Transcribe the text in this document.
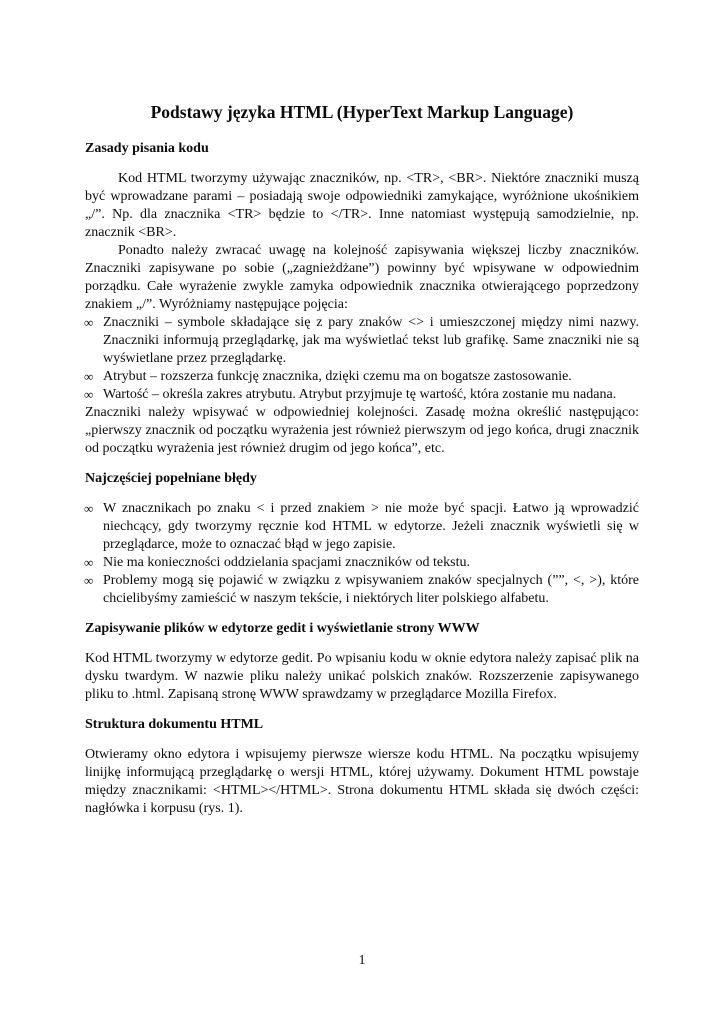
Podstawy języka HTML (HyperText Markup Language)
Zasady pisania kodu

Kod HTML tworzymy używając znaczników, np. <TR>, <BR>. Niektóre znaczniki muszą być wprowadzane parami – posiadają swoje odpowiedniki zamykające, wyróżnione ukośnikiem „/”. Np. dla znacznika <TR> będzie to </TR>. Inne natomiast występują samodzielnie, np. znacznik <BR>.

Ponadto należy zwracać uwagę na kolejność zapisywania większej liczby znaczników. Znaczniki zapisywane po sobie („zagnieżdżane”) powinny być wpisywane w odpowiednim porządku. Całe wyrażenie zwykle zamyka odpowiednik znacznika otwierającego poprzedzony znakiem „/”. Wyróżniamy następujące pojęcia:

∞ Znaczniki – symbole składające się z pary znaków <> i umieszczonej między nimi nazwy. Znaczniki informują przeglądarkę, jak ma wyświetlać tekst lub grafikę. Same znaczniki nie są wyświetlane przez przeglądarkę.
∞ Atrybut – rozszerza funkcję znacznika, dzięki czemu ma on bogatsze zastosowanie.
∞ Wartość – określa zakres atrybutu. Atrybut przyjmuje tę wartość, która zostanie mu nadana.

Znaczniki należy wpisywać w odpowiedniej kolejności. Zasadę można określić następująco: „pierwszy znacznik od początku wyrażenia jest również pierwszym od jego końca, drugi znacznik od początku wyrażenia jest również drugim od jego końca”, etc.

Najczęściej popełniane błędy
∞ W znacznikach po znaku < i przed znakiem > nie może być spacji. Łatwo ją wprowadzić niechcący, gdy tworzymy ręcznie kod HTML w edytorze. Jeżeli znacznik wyświetli się w przeglądarce, może to oznaczać błąd w jego zapisie.
∞ Nie ma konieczności oddzielania spacjami znaczników od tekstu.
∞ Problemy mogą się pojawić w związku z wpisywaniem znaków specjalnych (””, <, >), które chcielibyśmy zamieścić w naszym tekście, i niektórych liter polskiego alfabetu.
Zapisywanie plików w edytorze gedit i wyświetlanie strony WWW

Kod HTML tworzymy w edytorze gedit. Po wpisaniu kodu w oknie edytora należy zapisać plik na dysku twardym. W nazwie pliku należy unikać polskich znaków. Rozszerzenie zapisywanego pliku to .html. Zapisaną stronę WWW sprawdzamy w przeglądarce Mozilla Firefox.

Struktura dokumentu HTML

Otwieramy okno edytora i wpisujemy pierwsze wiersze kodu HTML. Na początku wpisujemy linijkę informującą przeglądarkę o wersji HTML, której używamy. Dokument HTML powstaje między znacznikami: <HTML></HTML>. Strona dokumentu HTML składa się dwóch części: nagłówka i korpusu (rys. 1).

1
